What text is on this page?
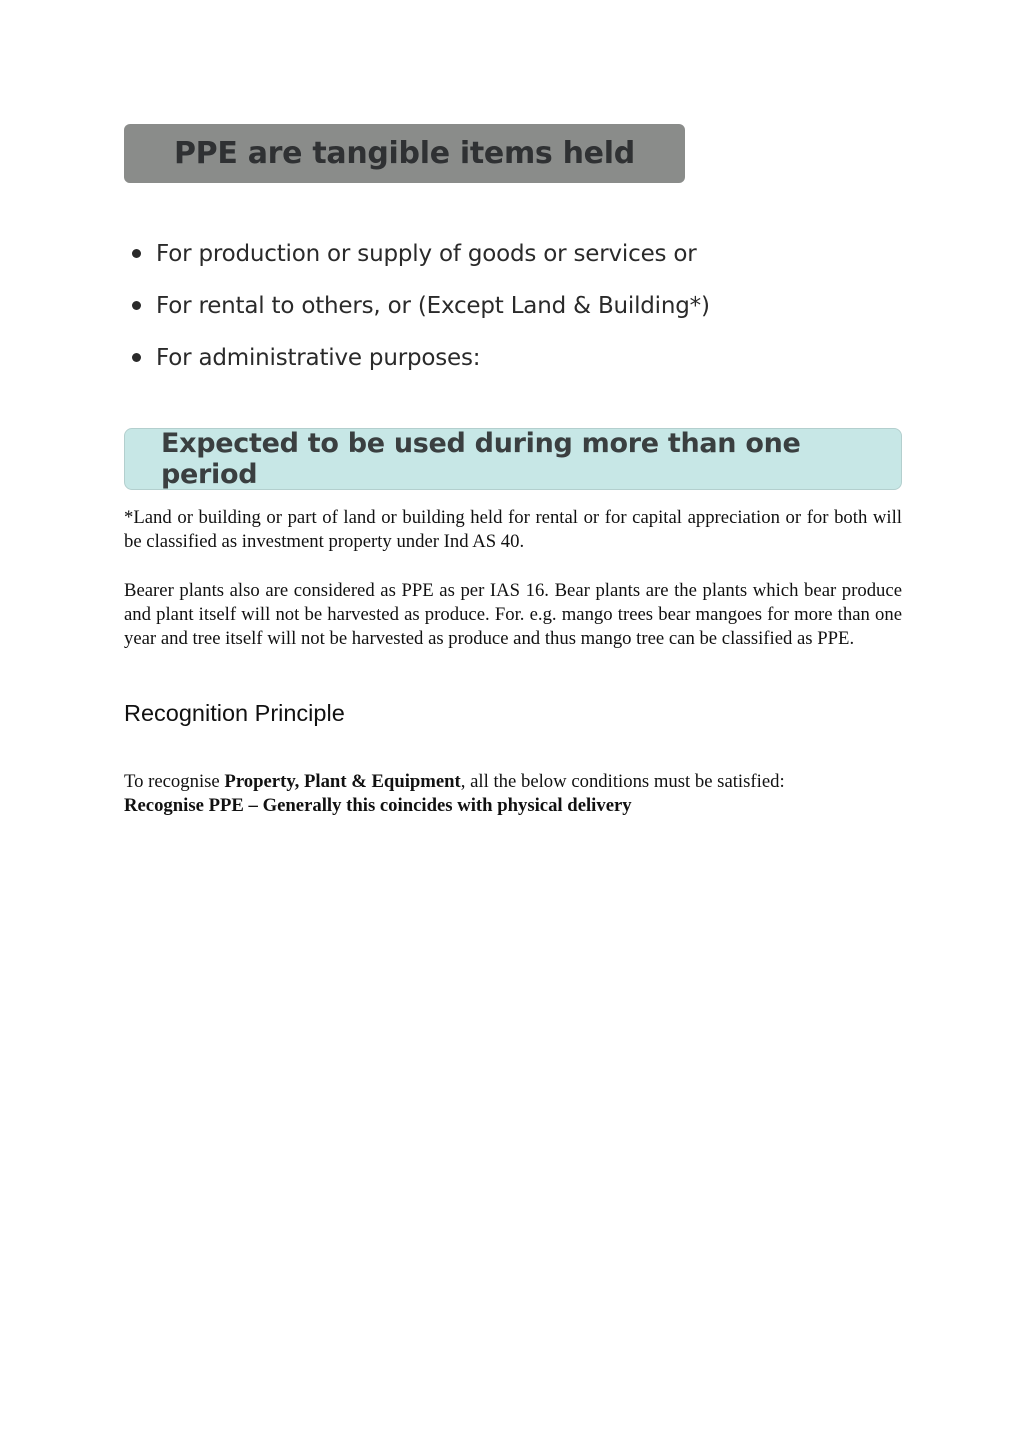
PPE are tangible items held
For production or supply of goods or services or
For rental to others, or (Except Land & Building*)
For administrative purposes:
Expected to be used during more than one period

*Land or building or part of land or building held for rental or for capital appreciation or for both will be classified as investment property under Ind AS 40.

Bearer plants also are considered as PPE as per IAS 16. Bear plants are the plants which bear produce and plant itself will not be harvested as produce. For. e.g. mango trees bear mangoes for more than one year and tree itself will not be harvested as produce and thus mango tree can be classified as PPE.

Recognition Principle

To recognise Property, Plant & Equipment, all the below conditions must be satisfied:

Recognise PPE – Generally this coincides with physical delivery
